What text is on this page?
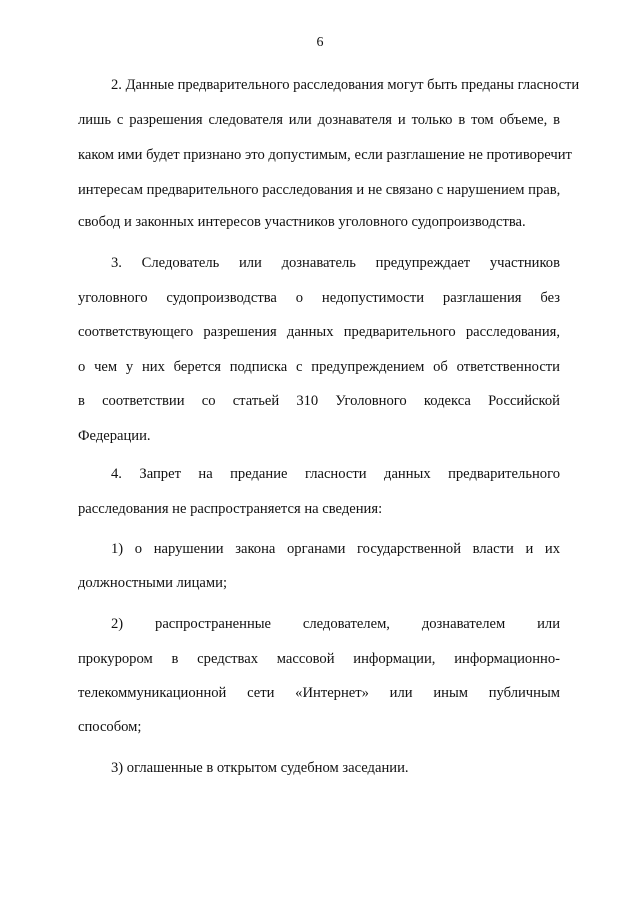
6
2. Данные предварительного расследования могут быть преданы гласности
лишь с разрешения следователя или дознавателя и только в том объеме, в
каком ими будет признано это допустимым, если разглашение не противоречит
интересам предварительного расследования и не связано с нарушением прав,
свобод и законных интересов участников уголовного судопроизводства.
3. Следователь или дознаватель предупреждает участников
уголовного судопроизводства о недопустимости разглашения без
соответствующего разрешения данных предварительного расследования,
о чем у них берется подписка с предупреждением об ответственности
в соответствии со статьей 310 Уголовного кодекса Российской
Федерации.
4. Запрет на предание гласности данных предварительного
расследования не распространяется на сведения:
1) о нарушении закона органами государственной власти и их
должностными лицами;
2) распространенные следователем, дознавателем или
прокурором в средствах массовой информации, информационно-
телекоммуникационной сети «Интернет» или иным публичным
способом;
3) оглашенные в открытом судебном заседании.
